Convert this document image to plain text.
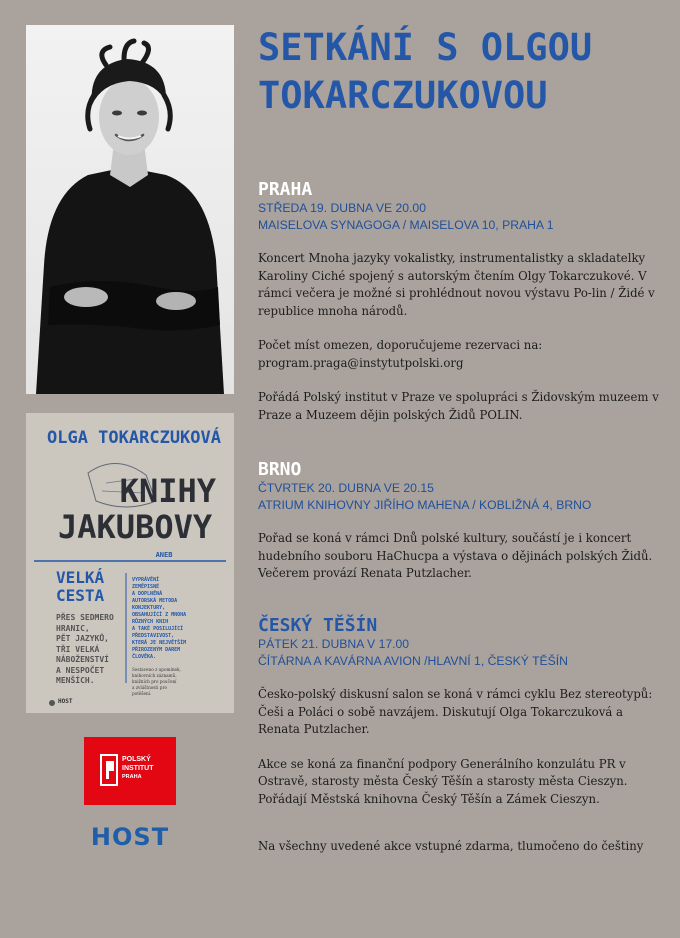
VYPRÁVĚNÍ
ZEMĚPISNÉ
A DOPLNĚNÁ
AUTORSKÁ METODA
KONJEKTURY,
OBSAHUJÍCÍ Z MNOHA
RŮZNÝCH KNIH
A TAKÉ POSILUJÍCÍ
PŘEDSTAVIVOST,
KTERÁ JE NEJVĚTŠÍM
PŘIROZENÝM DAREM
ČLOVĚKA.
Sestaveno z upomínek,
knihovních záznamů,
knižních pro poučení
a zvláštnosti pro
potěšení.
OLGA TOKARCZUKOVÁ
KNIHY
JAKUBOVY
ANEB
VELKÁ
CESTA
PŘES SEDMERO
HRANIC,
PĚT JAZYKŮ,
TŘI VELKÁ
NÁBOŽENSTVÍ
A NESPOČET
MENŠÍCH.
HOST
POLSKÝ
INSTITUT
PRAHA
HOST
SETKÁNÍ S OLGOU TOKARCZUKOVOU
PRAHA

STŘEDA 19. DUBNA VE 20.00

MAISELOVA SYNAGOGA / MAISELOVA 10, PRAHA 1

Koncert Mnoha jazyky vokalistky, instrumentalistky a skladatelky Karoliny Ciché spojený s autorským čtením Olgy Tokarczukové. V rámci večera je možné si prohlédnout novou výstavu Po-lin / Židé v republice mnoha národů.

Počet míst omezen, doporučujeme rezervaci na: program.praga@instytutpolski.org

Pořádá Polský institut v Praze ve spolupráci s Židovským muzeem v Praze a Muzeem dějin polských Židů POLIN.

BRNO

ČTVRTEK 20. DUBNA VE 20.15

ATRIUM KNIHOVNY JIŘÍHO MAHENA / KOBLIŽNÁ 4, BRNO

Pořad se koná v rámci Dnů polské kultury, součástí je i koncert hudebního souboru HaChucpa a výstava o dějinách polských Židů. Večerem provází Renata Putzlacher.

ČESKÝ TĚŠÍN

PÁTEK 21. DUBNA V 17.00

ČÍTÁRNA A KAVÁRNA AVION /HLAVNÍ 1, ČESKÝ TĚŠÍN

Česko-polský diskusní salon se koná v rámci cyklu Bez stereotypů: Češi a Poláci o sobě navzájem. Diskutují Olga Tokarczuková a Renata Putzlacher.

Akce se koná za finanční podpory Generálního konzulátu PR v Ostravě, starosty města Český Těšín a starosty města Cieszyn. Pořádají Městská knihovna Český Těšín a Zámek Cieszyn.

Na všechny uvedené akce vstupné zdarma, tlumočeno do češtiny
